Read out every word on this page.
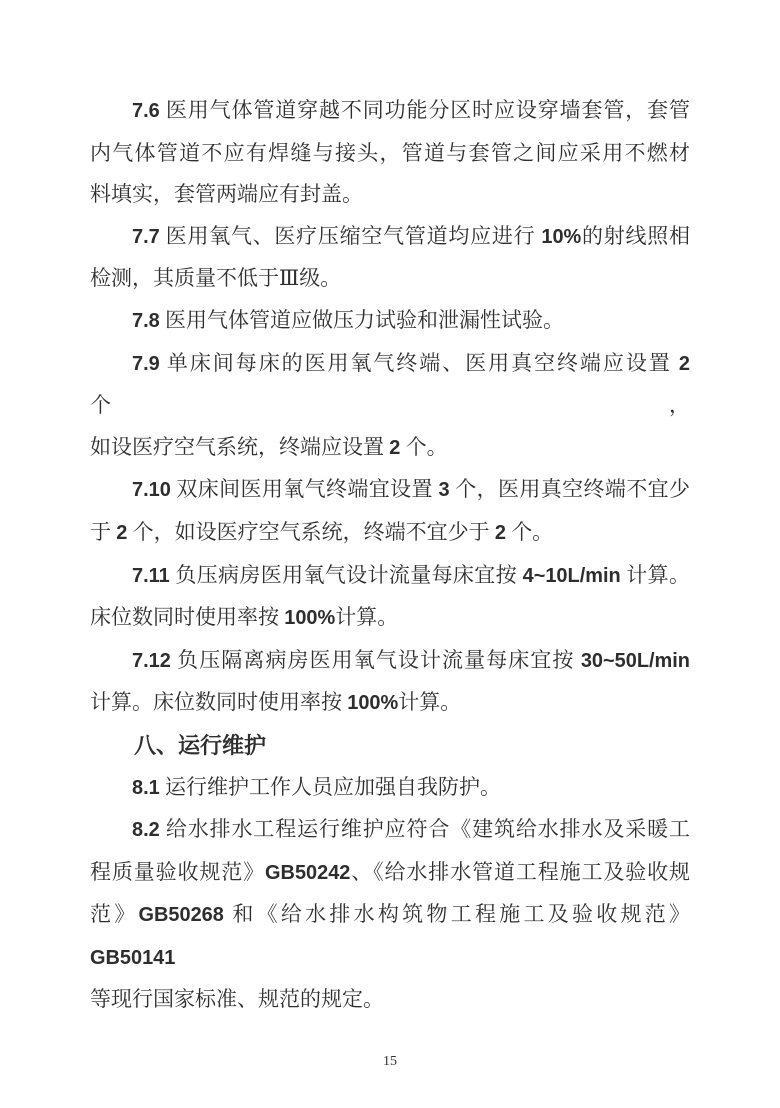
7.6 医用气体管道穿越不同功能分区时应设穿墙套管，套管
内气体管道不应有焊缝与接头，管道与套管之间应采用不燃材
料填实，套管两端应有封盖。
7.7 医用氧气、医疗压缩空气管道均应进行 10%的射线照相
检测，其质量不低于Ⅲ级。
7.8 医用气体管道应做压力试验和泄漏性试验。
7.9 单床间每床的医用氧气终端、医用真空终端应设置 2 个，
如设医疗空气系统，终端应设置 2 个。
7.10 双床间医用氧气终端宜设置 3 个，医用真空终端不宜少
于 2 个，如设医疗空气系统，终端不宜少于 2 个。
7.11 负压病房医用氧气设计流量每床宜按 4~10L/min 计算。
床位数同时使用率按 100%计算。
7.12 负压隔离病房医用氧气设计流量每床宜按 30~50L/min
计算。床位数同时使用率按 100%计算。
八、运行维护
8.1 运行维护工作人员应加强自我防护。
8.2 给水排水工程运行维护应符合《建筑给水排水及采暖工
程质量验收规范》GB50242、《给水排水管道工程施工及验收规
范》GB50268 和《给水排水构筑物工程施工及验收规范》GB50141
等现行国家标准、规范的规定。
15
